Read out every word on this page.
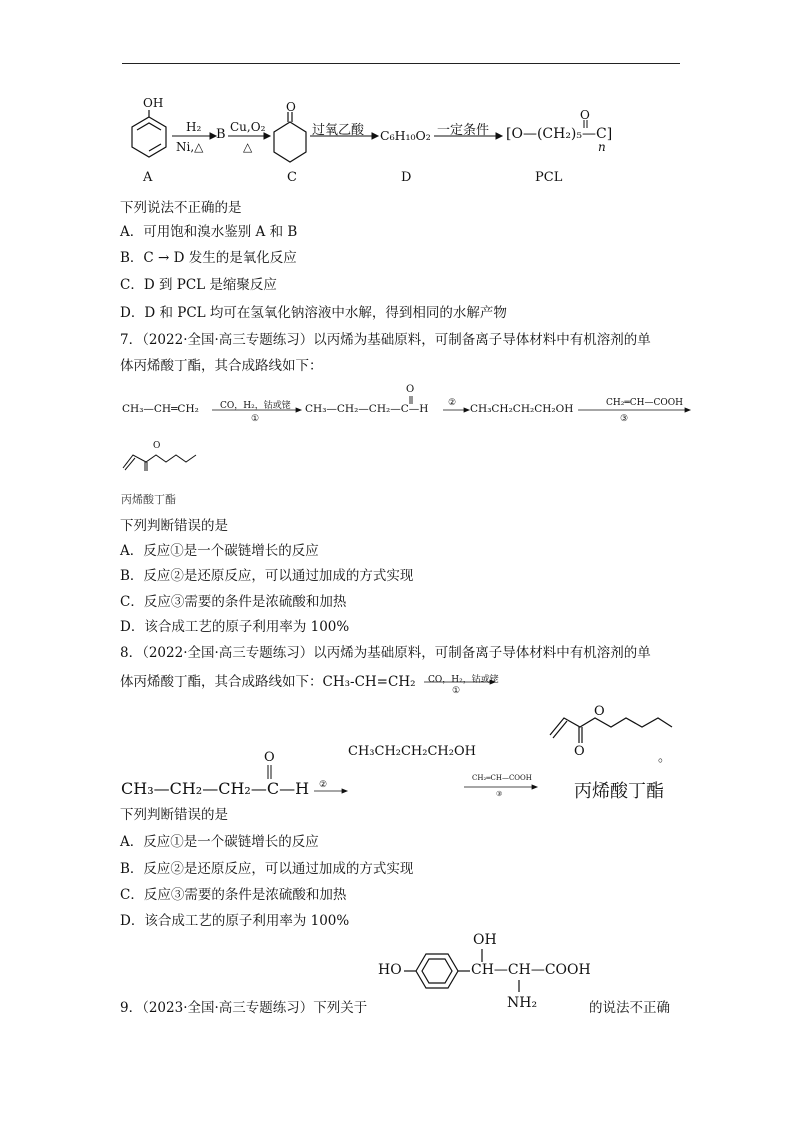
OH
H₂
Ni,△
B Cu,O₂
△
O
过氧乙酸 C₆H₁₀O₂ 一定条件
O
[O—(CH₂)₅—C]
n
A	C	D	PCL
下列说法不正确的是
A．可用饱和溴水鉴别 A 和 B
B．C → D 发生的是氧化反应
C．D 到 PCL 是缩聚反应
D．D 和 PCL 均可在氢氧化钠溶液中水解，得到相同的水解产物
7．（2022·全国·高三专题练习）以丙烯为基础原料，可制备离子导体材料中有机溶剂的单
体丙烯酸丁酯，其合成路线如下：
CH₃—CH═CH₂ CO，H₂，钴或铑
①
O
CH₃—CH₂—CH₂—C—H ② CH₃CH₂CH₂CH₂OH	CH₂═CH—COOH
③
O
丙烯酸丁酯
下列判断错误的是
A．反应①是一个碳链增长的反应
B．反应②是还原反应，可以通过加成的方式实现
C．反应③需要的条件是浓硫酸和加热
D．该合成工艺的原子利用率为 100%
8．（2022·全国·高三专题练习）以丙烯为基础原料，可制备离子导体材料中有机溶剂的单
体丙烯酸丁酯，其合成路线如下：CH₃-CH=CH₂ CO，H₂，钴或铑
①
O
CH₃—CH₂—CH₂—C—H ②
CH₃CH₂CH₂CH₂OH
CH₂═CH—COOH
③
O
O
丙烯酸丁酯
。
下列判断错误的是
A．反应①是一个碳链增长的反应
B．反应②是还原反应，可以通过加成的方式实现
C．反应③需要的条件是浓硫酸和加热
D．该合成工艺的原子利用率为 100%
HO
OH
CH—CH—COOH
NH₂
9．（2023·全国·高三专题练习）下列关于	的说法不正确
